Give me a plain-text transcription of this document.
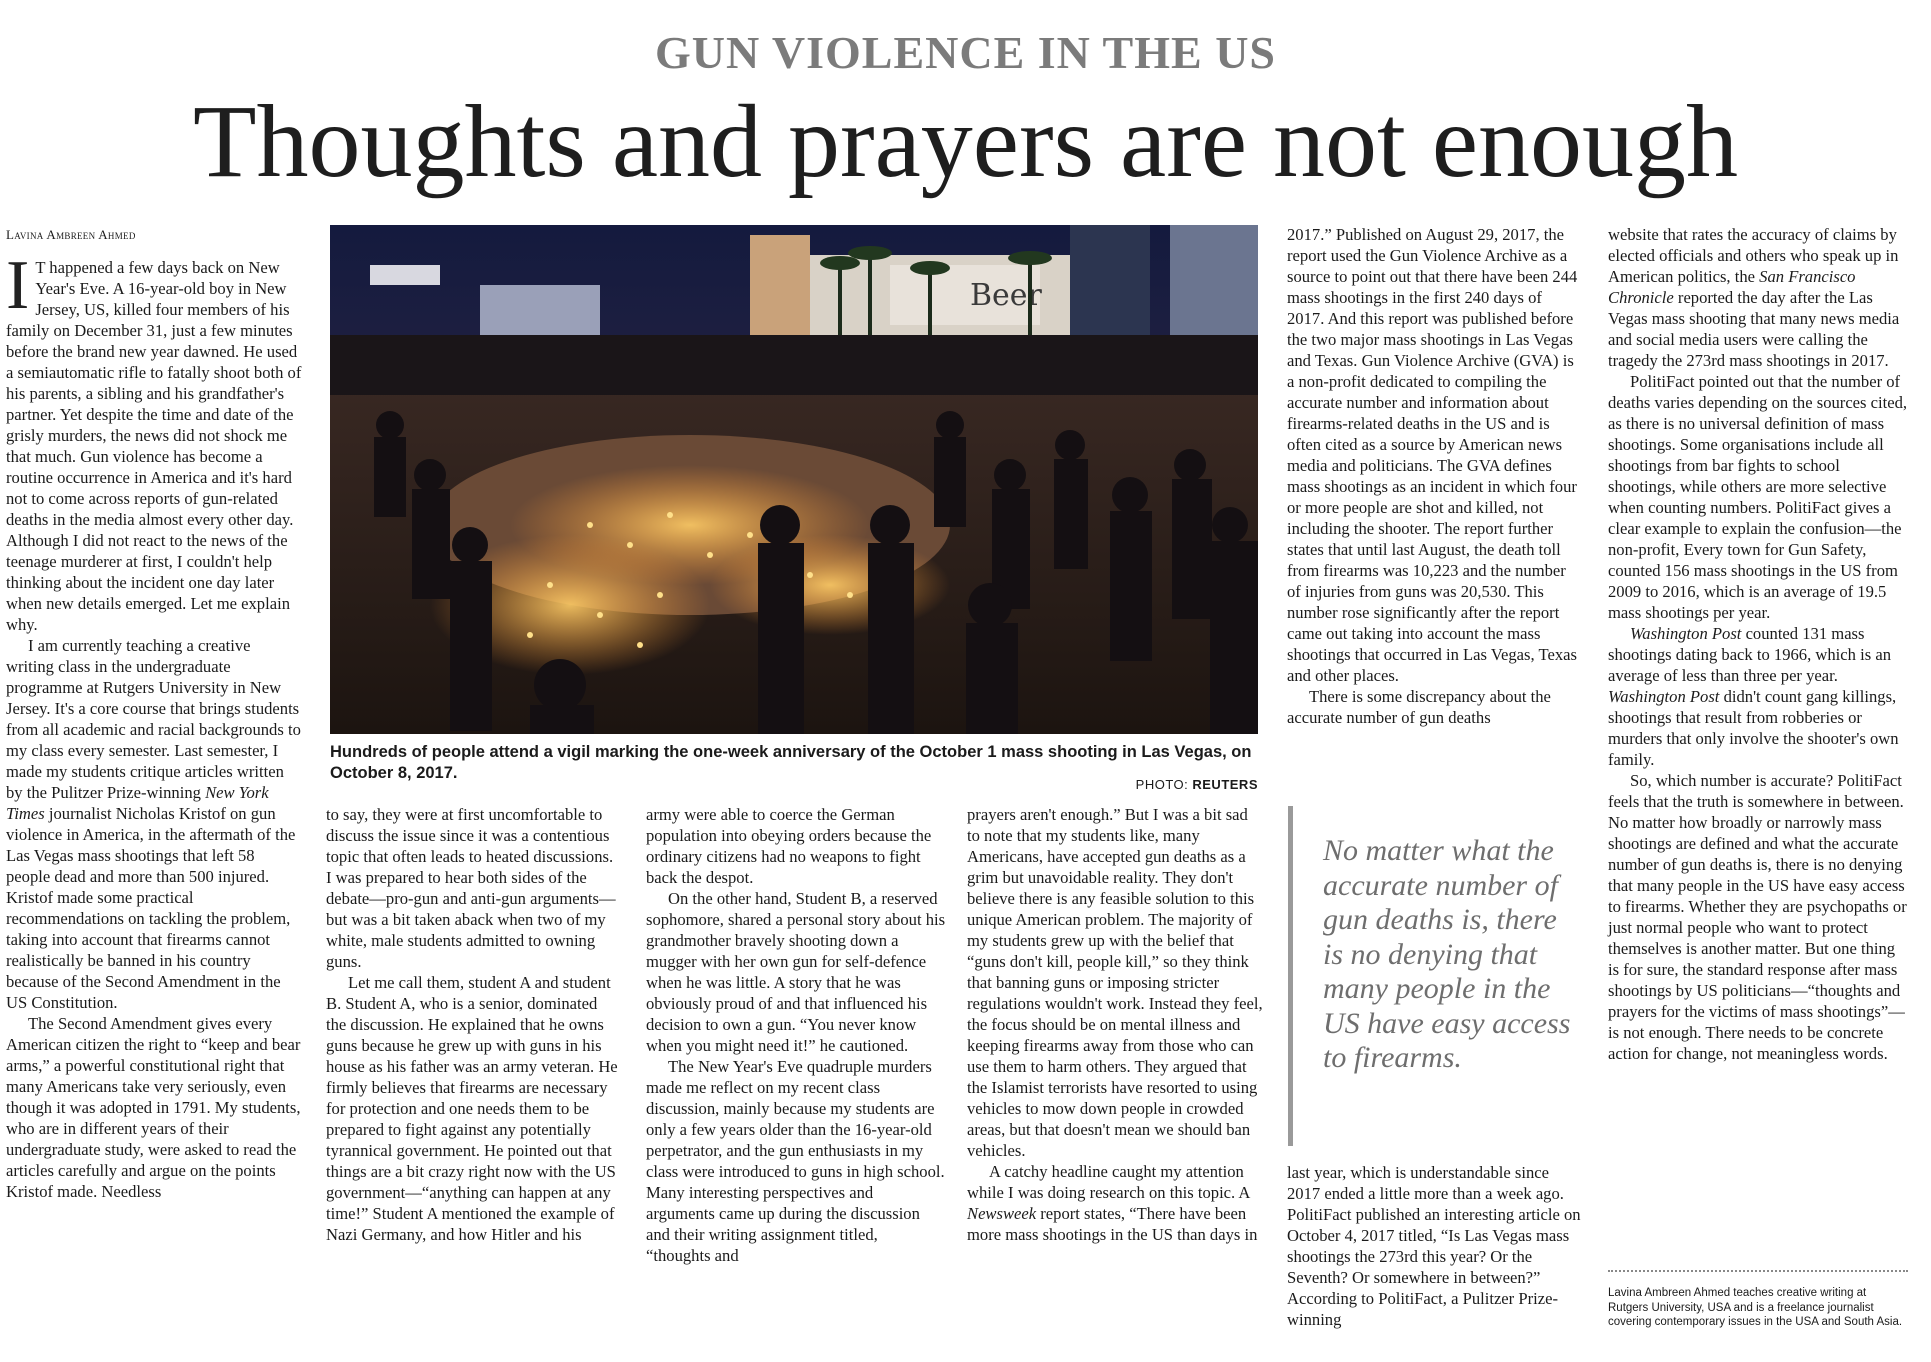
GUN VIOLENCE IN THE US
Thoughts and prayers are not enough
Lavina Ambreen Ahmed

I T happened a few days back on New Year's Eve. A 16-year-old boy in New Jersey, US, killed four members of his family on December 31, just a few minutes before the brand new year dawned. He used a semiautomatic rifle to fatally shoot both of his parents, a sibling and his grandfather's partner. Yet despite the time and date of the grisly murders, the news did not shock me that much. Gun violence has become a routine occurrence in America and it's hard not to come across reports of gun-related deaths in the media almost every other day. Although I did not react to the news of the teenage murderer at first, I couldn't help thinking about the incident one day later when new details emerged. Let me explain why.

I am currently teaching a creative writing class in the undergraduate programme at Rutgers University in New Jersey. It's a core course that brings students from all academic and racial backgrounds to my class every semester. Last semester, I made my students critique articles written by the Pulitzer Prize-winning New York Times journalist Nicholas Kristof on gun violence in America, in the aftermath of the Las Vegas mass shootings that left 58 people dead and more than 500 injured. Kristof made some practical recommendations on tackling the problem, taking into account that firearms cannot realistically be banned in his country because of the Second Amendment in the US Constitution.

The Second Amendment gives every American citizen the right to “keep and bear arms,” a powerful constitutional right that many Americans take very seriously, even though it was adopted in 1791. My students, who are in different years of their undergraduate study, were asked to read the articles carefully and argue on the points Kristof made. Needless

Beer
Hundreds of people attend a vigil marking the one-week anniversary of the October 1 mass shooting in Las Vegas, on October 8, 2017.
PHOTO: REUTERS

to say, they were at first uncomfortable to discuss the issue since it was a contentious topic that often leads to heated discussions. I was prepared to hear both sides of the debate—pro-gun and anti-gun arguments—but was a bit taken aback when two of my white, male students admitted to owning guns.

Let me call them, student A and student B. Student A, who is a senior, dominated the discussion. He explained that he owns guns because he grew up with guns in his house as his father was an army veteran. He firmly believes that firearms are necessary for protection and one needs them to be prepared to fight against any potentially tyrannical government. He pointed out that things are a bit crazy right now with the US government—“anything can happen at any time!” Student A mentioned the example of Nazi Germany, and how Hitler and his

army were able to coerce the German population into obeying orders because the ordinary citizens had no weapons to fight back the despot.

On the other hand, Student B, a reserved sophomore, shared a personal story about his grandmother bravely shooting down a mugger with her own gun for self-defence when he was little. A story that he was obviously proud of and that influenced his decision to own a gun. “You never know when you might need it!” he cautioned.

The New Year's Eve quadruple murders made me reflect on my recent class discussion, mainly because my students are only a few years older than the 16-year-old perpetrator, and the gun enthusiasts in my class were introduced to guns in high school. Many interesting perspectives and arguments came up during the discussion and their writing assignment titled, “thoughts and

prayers aren't enough.” But I was a bit sad to note that my students like, many Americans, have accepted gun deaths as a grim but unavoidable reality. They don't believe there is any feasible solution to this unique American problem. The majority of my students grew up with the belief that “guns don't kill, people kill,” so they think that banning guns or imposing stricter regulations wouldn't work. Instead they feel, the focus should be on mental illness and keeping firearms away from those who can use them to harm others. They argued that the Islamist terrorists have resorted to using vehicles to mow down people in crowded areas, but that doesn't mean we should ban vehicles.

A catchy headline caught my attention while I was doing research on this topic. A Newsweek report states, “There have been more mass shootings in the US than days in

2017.” Published on August 29, 2017, the report used the Gun Violence Archive as a source to point out that there have been 244 mass shootings in the first 240 days of 2017. And this report was published before the two major mass shootings in Las Vegas and Texas. Gun Violence Archive (GVA) is a non-profit dedicated to compiling the accurate number and information about firearms-related deaths in the US and is often cited as a source by American news media and politicians. The GVA defines mass shootings as an incident in which four or more people are shot and killed, not including the shooter. The report further states that until last August, the death toll from firearms was 10,223 and the number of injuries from guns was 20,530. This number rose significantly after the report came out taking into account the mass shootings that occurred in Las Vegas, Texas and other places.

There is some discrepancy about the accurate number of gun deaths

No matter what the accurate number of gun deaths is, there is no denying that many people in the US have easy access to firearms.

last year, which is understandable since 2017 ended a little more than a week ago. PolitiFact published an interesting article on October 4, 2017 titled, “Is Las Vegas mass shootings the 273rd this year? Or the Seventh? Or somewhere in between?” According to PolitiFact, a Pulitzer Prize-winning

website that rates the accuracy of claims by elected officials and others who speak up in American politics, the San Francisco Chronicle reported the day after the Las Vegas mass shooting that many news media and social media users were calling the tragedy the 273rd mass shootings in 2017.

PolitiFact pointed out that the number of deaths varies depending on the sources cited, as there is no universal definition of mass shootings. Some organisations include all shootings from bar fights to school shootings, while others are more selective when counting numbers. PolitiFact gives a clear example to explain the confusion—the non-profit, Every town for Gun Safety, counted 156 mass shootings in the US from 2009 to 2016, which is an average of 19.5 mass shootings per year.

Washington Post counted 131 mass shootings dating back to 1966, which is an average of less than three per year. Washington Post didn't count gang killings, shootings that result from robberies or murders that only involve the shooter's own family.

So, which number is accurate? PolitiFact feels that the truth is somewhere in between. No matter how broadly or narrowly mass shootings are defined and what the accurate number of gun deaths is, there is no denying that many people in the US have easy access to firearms. Whether they are psychopaths or just normal people who want to protect themselves is another matter. But one thing is for sure, the standard response after mass shootings by US politicians—“thoughts and prayers for the victims of mass shootings”—is not enough. There needs to be concrete action for change, not meaningless words.

Lavina Ambreen Ahmed teaches creative writing at Rutgers University, USA and is a freelance journalist covering contemporary issues in the USA and South Asia.
